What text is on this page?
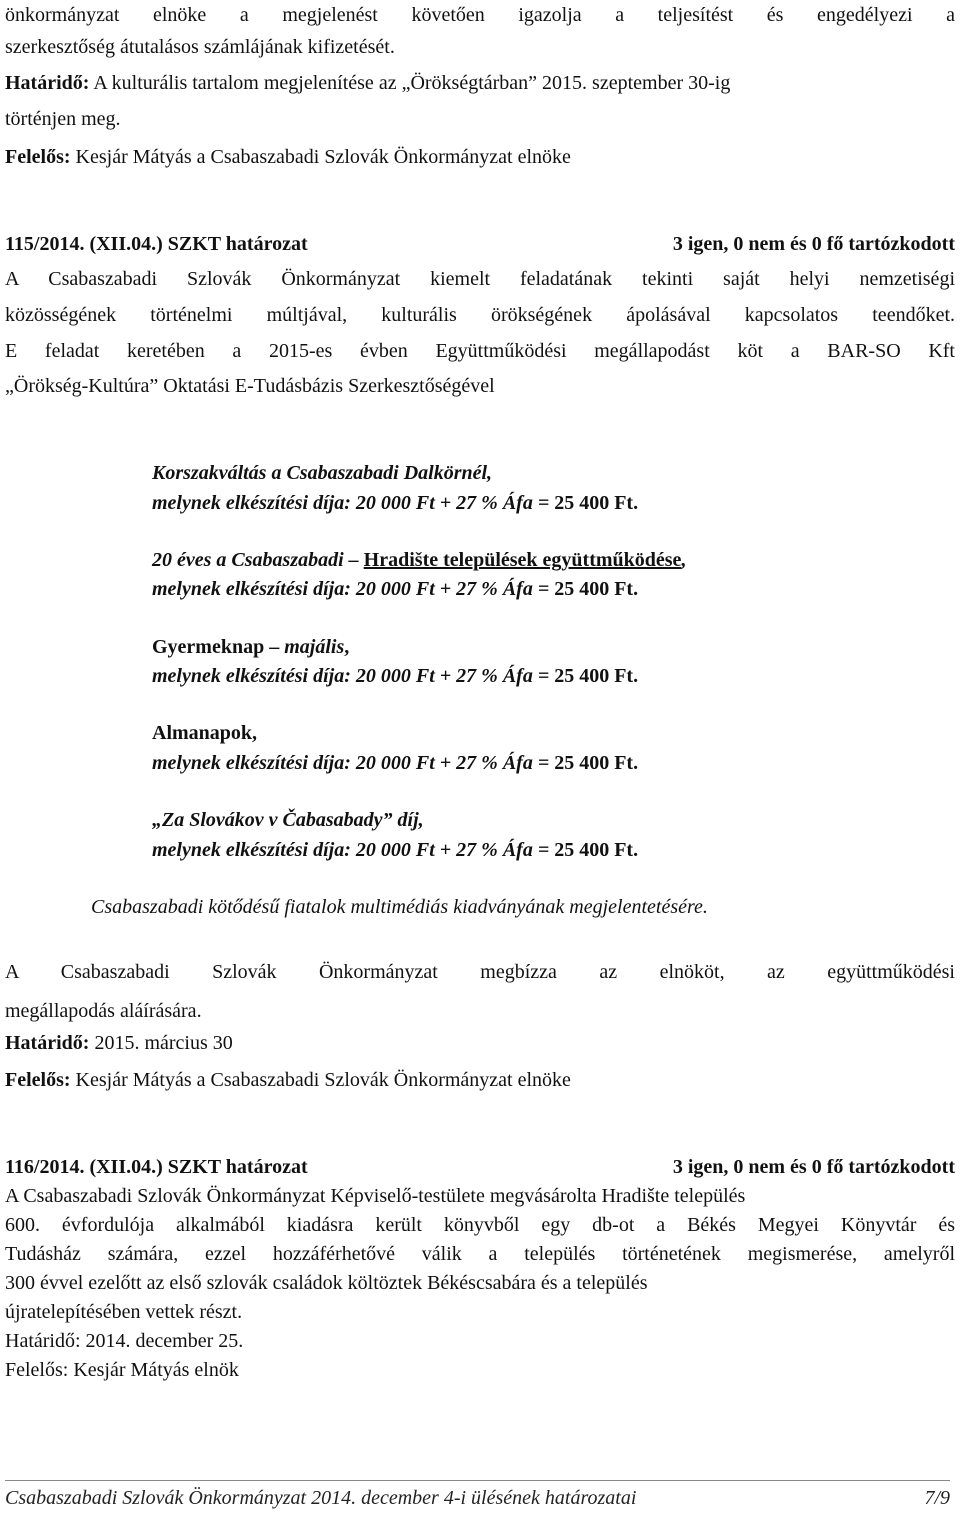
önkormányzat elnöke a megjelenést követően igazolja a teljesítést és engedélyezi a
szerkesztőség átutalásos számlájának kifizetését.
Határidő: A kulturális tartalom megjelenítése az „Örökségtárban” 2015. szeptember 30-ig
történjen meg.
Felelős: Kesjár Mátyás a Csabaszabadi Szlovák Önkormányzat elnöke
115/2014. (XII.04.) SZKT határozat	3 igen, 0 nem és 0 fő tartózkodott
A Csabaszabadi Szlovák Önkormányzat kiemelt feladatának tekinti saját helyi nemzetiségi
közösségének történelmi múltjával, kulturális örökségének ápolásával kapcsolatos teendőket.
E feladat keretében a 2015-es évben Együttműködési megállapodást köt a BAR-SO Kft
„Örökség-Kultúra” Oktatási E-Tudásbázis Szerkesztőségével
Korszakváltás a Csabaszabadi Dalkörnél,
melynek elkészítési díja: 20 000 Ft + 27 % Áfa = 25 400 Ft.
20 éves a Csabaszabadi – Hradište települések együttműködése,
melynek elkészítési díja: 20 000 Ft + 27 % Áfa = 25 400 Ft.
Gyermeknap – majális,
melynek elkészítési díja: 20 000 Ft + 27 % Áfa = 25 400 Ft.
Almanapok,
melynek elkészítési díja: 20 000 Ft + 27 % Áfa = 25 400 Ft.
„Za Slovákov v Čabasabady” díj,
melynek elkészítési díja: 20 000 Ft + 27 % Áfa = 25 400 Ft.
Csabaszabadi kötődésű fiatalok multimédiás kiadványának megjelentetésére.
A Csabaszabadi Szlovák Önkormányzat megbízza az elnököt, az együttműködési
megállapodás aláírására.
Határidő: 2015. március 30
Felelős: Kesjár Mátyás a Csabaszabadi Szlovák Önkormányzat elnöke
116/2014. (XII.04.) SZKT határozat	3 igen, 0 nem és 0 fő tartózkodott
A Csabaszabadi Szlovák Önkormányzat Képviselő-testülete megvásárolta Hradište település
600. évfordulója alkalmából kiadásra került könyvből egy db-ot a Békés Megyei Könyvtár és
Tudásház számára, ezzel hozzáférhetővé válik a település történetének megismerése, amelyről
300 évvel ezelőtt az első szlovák családok költöztek Békéscsabára és a település
újratelepítésében vettek részt.
Határidő: 2014. december 25.
Felelős: Kesjár Mátyás elnök
Csabaszabadi Szlovák Önkormányzat 2014. december 4-i ülésének határozatai	7/9
